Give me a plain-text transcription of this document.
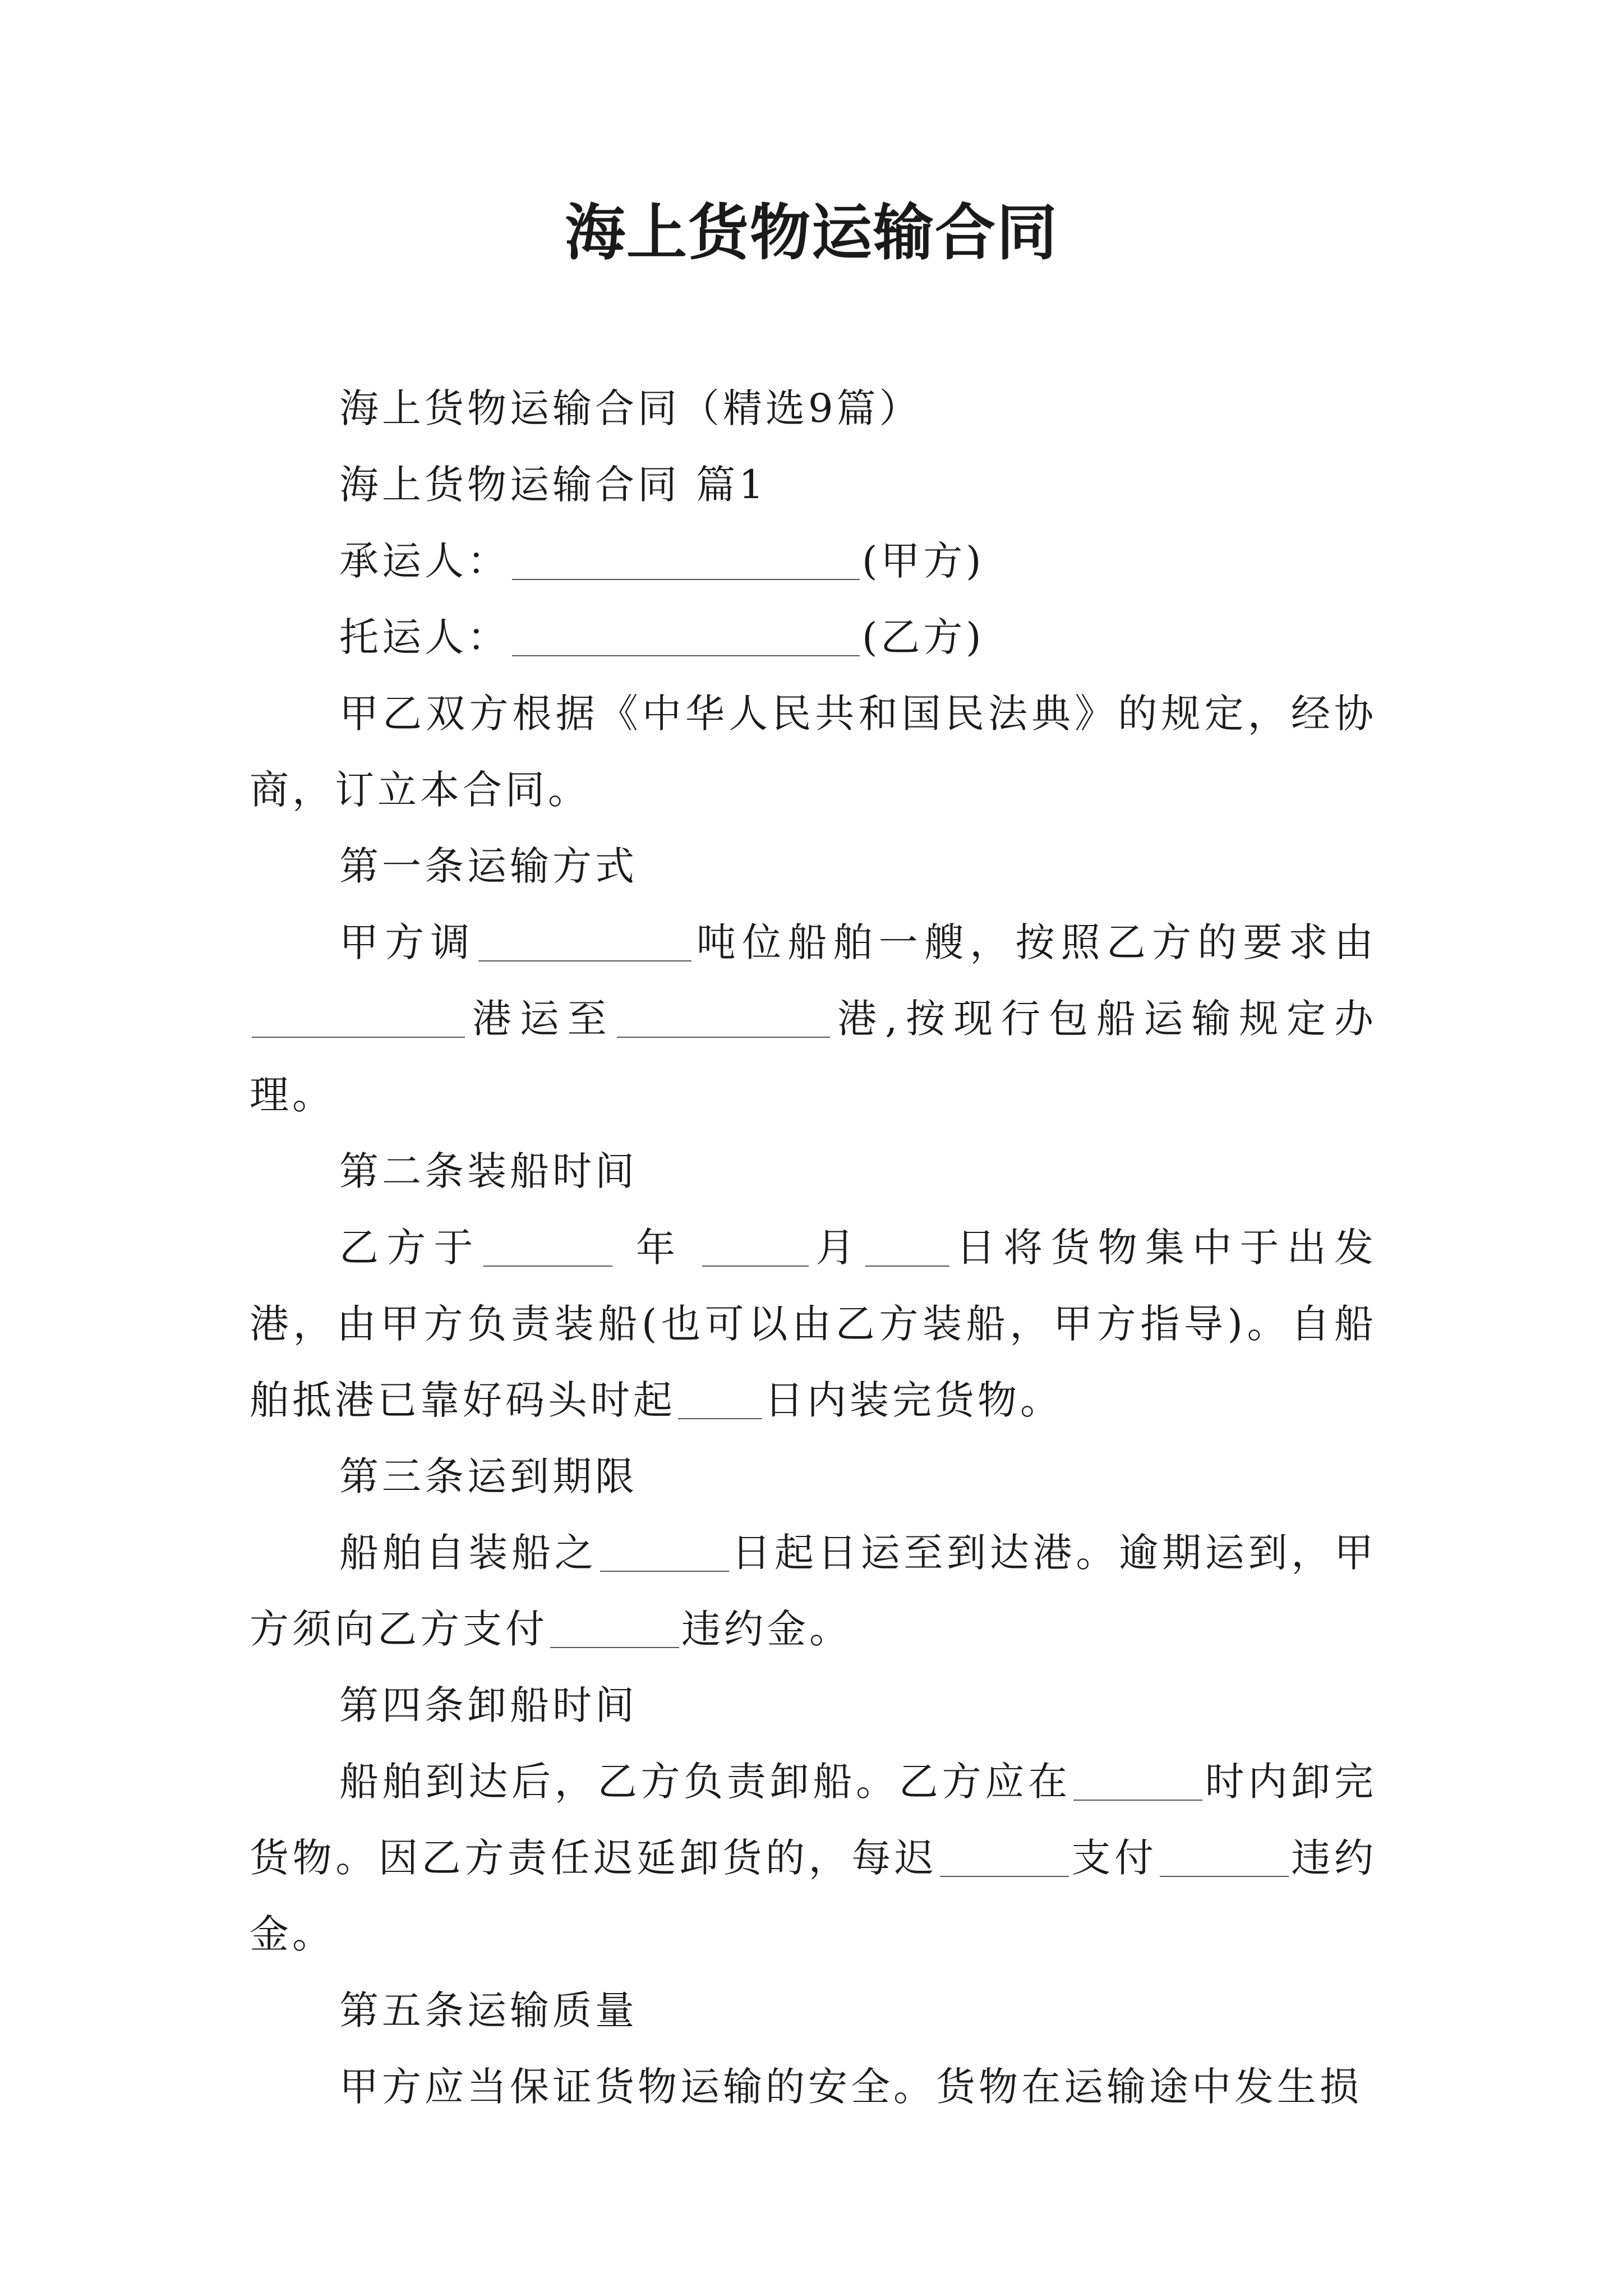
海上货物运输合同

海上货物运输合同（精选9篇）

海上货物运输合同 篇1

承运人：	(甲方)

托运人：	(乙方)

甲乙双方根据《中华人民共和国民法典》的规定，经协商，订立本合同。

第一条运输方式

甲方调	吨位船舶一艘，按照乙方的要求由港运至	港,按现行包船运输规定办理。

第二条装船时间

乙方于	年	月 日将货物集中于出发港，由甲方负责装船(也可以由乙方装船，甲方指导)。自船舶抵港已靠好码头时起 日内装完货物。

第三条运到期限

船舶自装船之	日起日运至到达港。逾期运到，甲方须向乙方支付	违约金。

第四条卸船时间

船舶到达后，乙方负责卸船。乙方应在	时内卸完货物。因乙方责任迟延卸货的，每迟	支付	违约金。

第五条运输质量

甲方应当保证货物运输的安全。货物在运输途中发生损
